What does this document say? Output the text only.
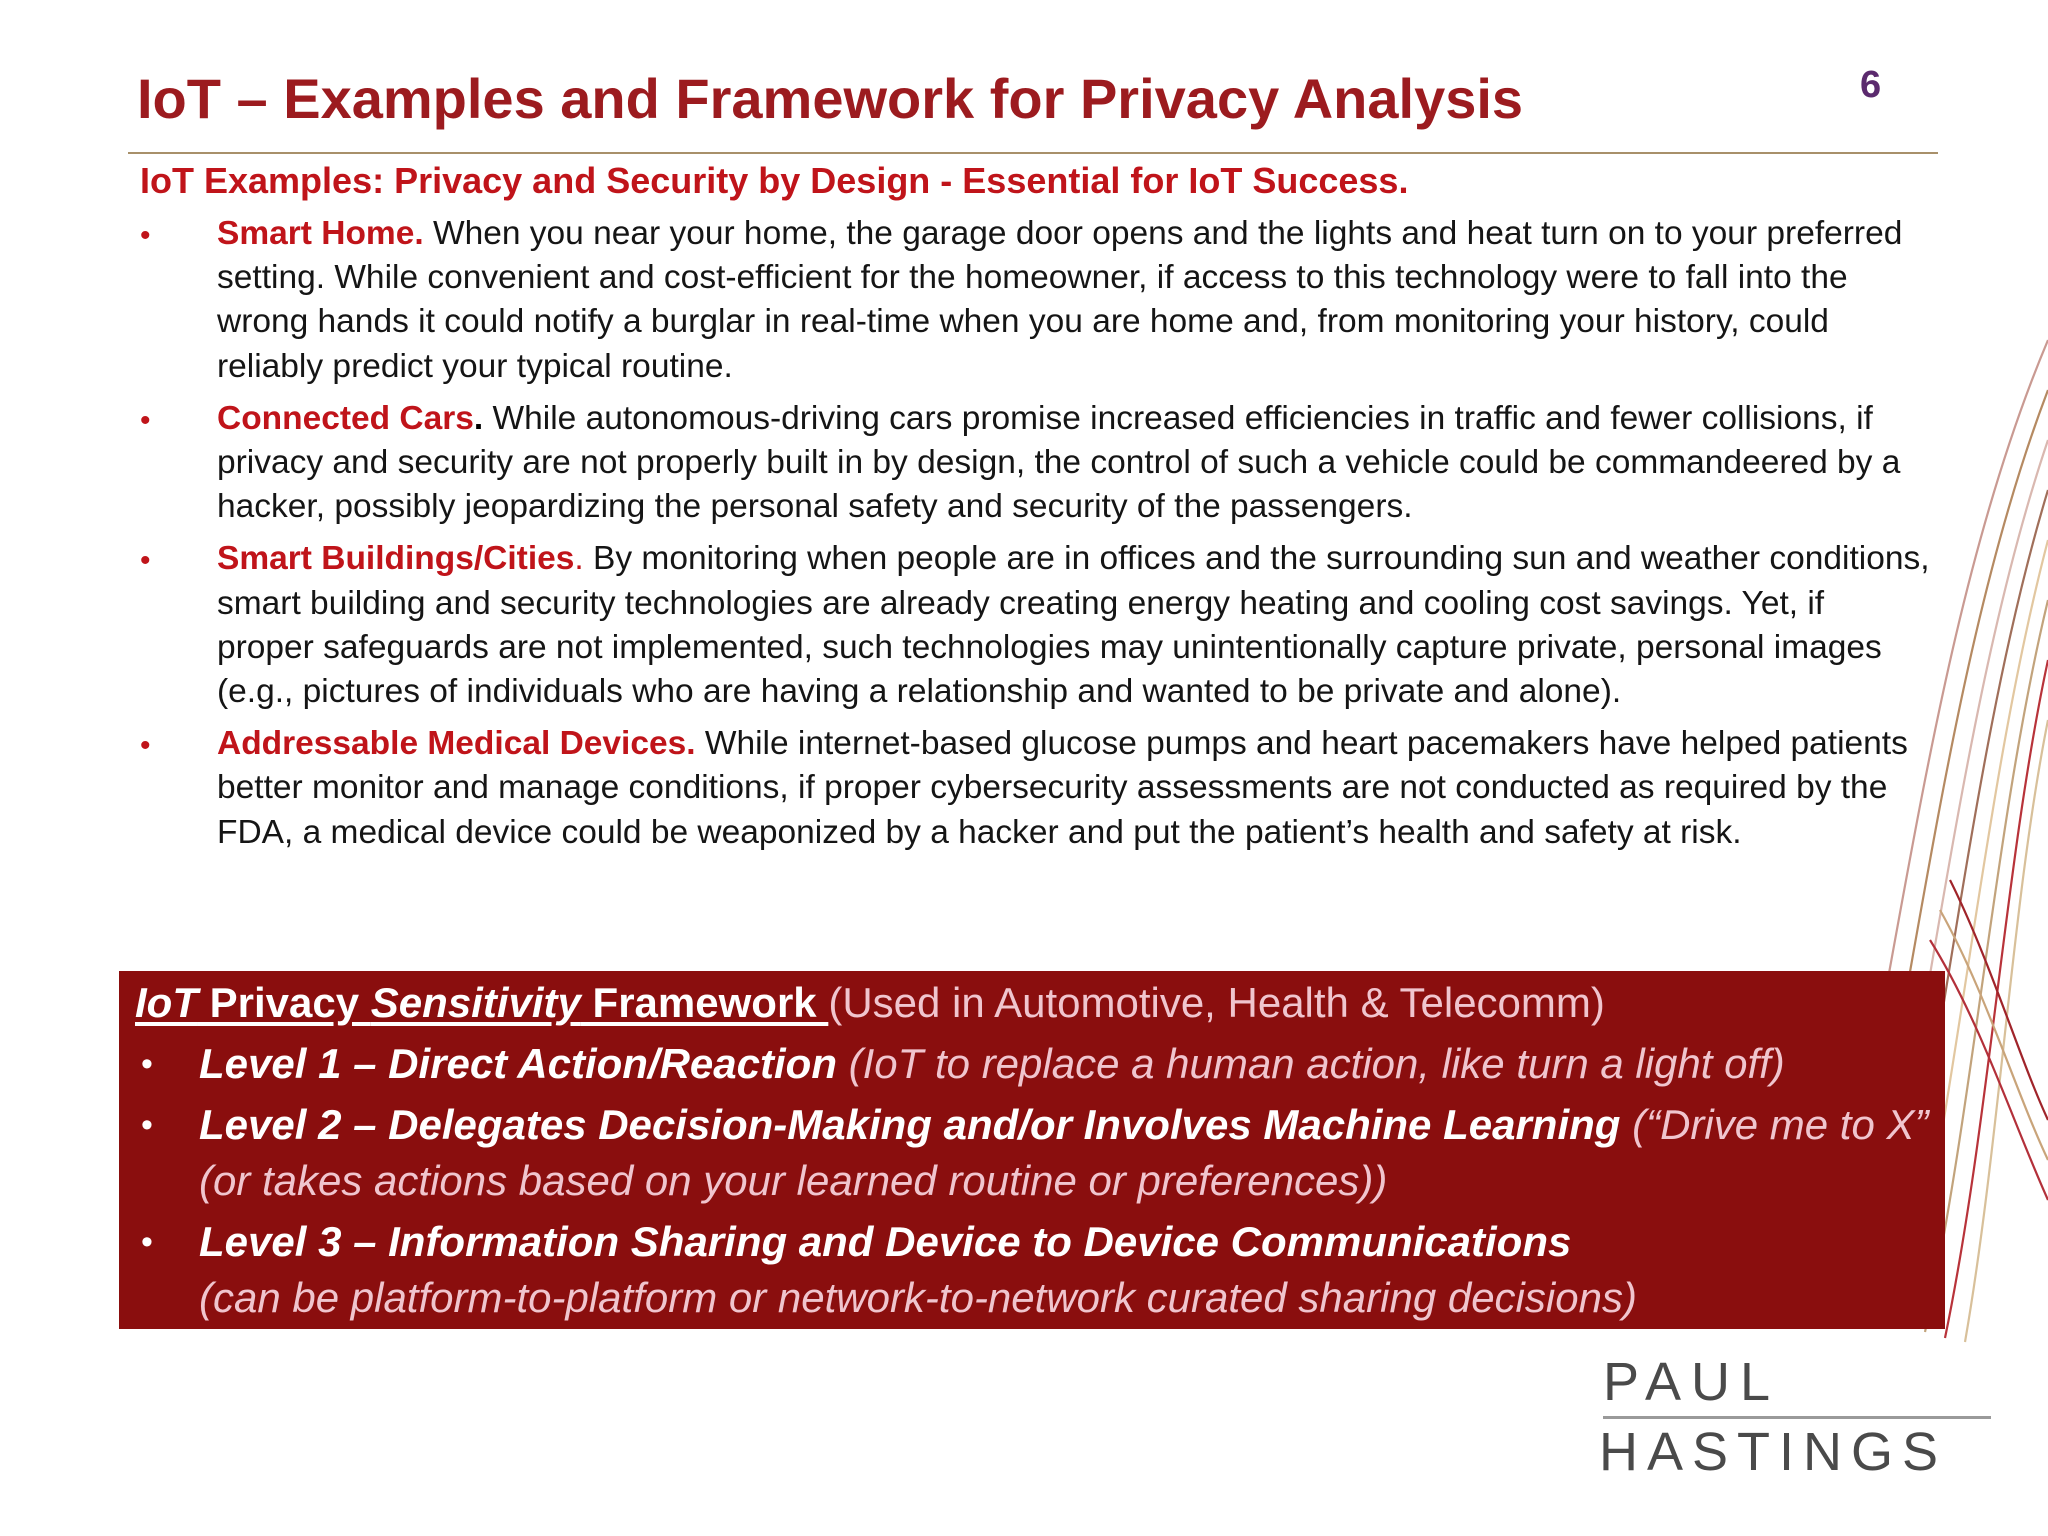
6
IoT – Examples and Framework for Privacy Analysis
IoT Examples: Privacy and Security by Design - Essential for IoT Success.
•	Smart Home. When you near your home, the garage door opens and the lights and heat turn on to your preferred setting. While convenient and cost-efficient for the homeowner, if access to this technology were to fall into the wrong hands it could notify a burglar in real-time when you are home and, from monitoring your history, could reliably predict your typical routine.
•	Connected Cars. While autonomous-driving cars promise increased efficiencies in traffic and fewer collisions, if privacy and security are not properly built in by design, the control of such a vehicle could be commandeered by a hacker, possibly jeopardizing the personal safety and security of the passengers.
•	Smart Buildings/Cities. By monitoring when people are in offices and the surrounding sun and weather conditions, smart building and security technologies are already creating energy heating and cooling cost savings. Yet, if proper safeguards are not implemented, such technologies may unintentionally capture private, personal images (e.g., pictures of individuals who are having a relationship and wanted to be private and alone).
•	Addressable Medical Devices. While internet-based glucose pumps and heart pacemakers have helped patients better monitor and manage conditions, if proper cybersecurity assessments are not conducted as required by the FDA, a medical device could be weaponized by a hacker and put the patient’s health and safety at risk.
IoT Privacy Sensitivity Framework (Used in Automotive, Health & Telecomm)
• Level 1 – Direct Action/Reaction (IoT to replace a human action, like turn a light off)
• Level 2 – Delegates Decision-Making and/or Involves Machine Learning (“Drive me to X” (or takes actions based on your learned routine or preferences))
• Level 3 – Information Sharing and Device to Device Communications
(can be platform-to-platform or network-to-network curated sharing decisions)
PAUL
HASTINGS
